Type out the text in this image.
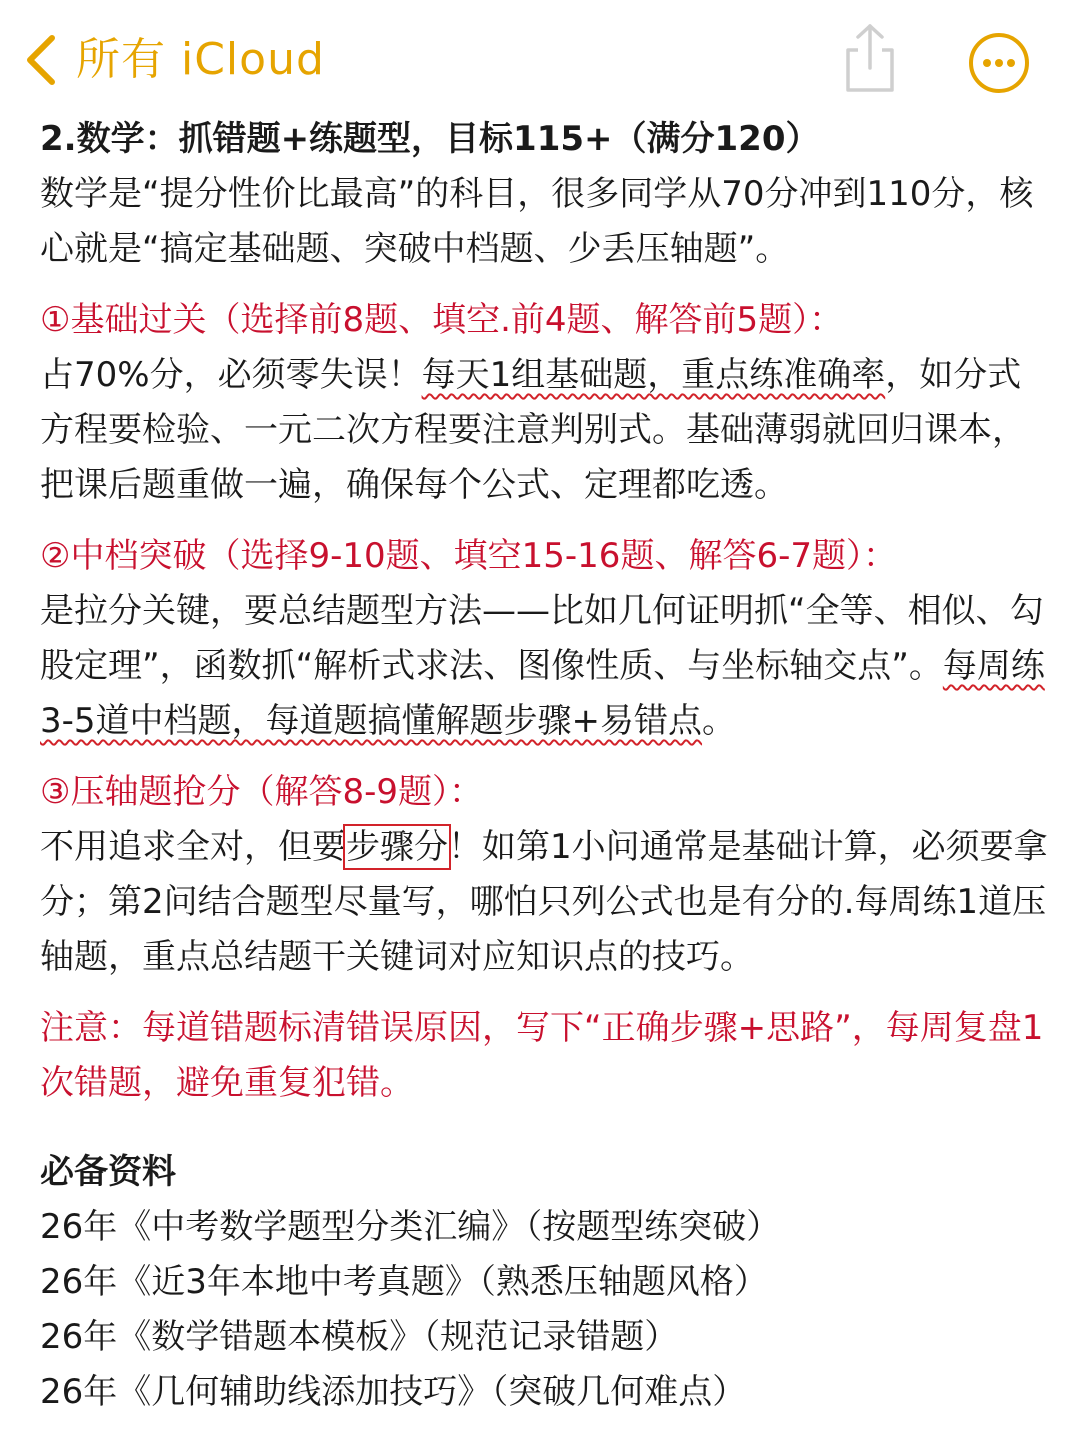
所有 iCloud

2.数学：抓错题+练题型，目标115+（满分120）

数学是“提分性价比最高”的科目，很多同学从70分冲到110分，核心就是“搞定基础题、突破中档题、少丢压轴题”。

①基础过关（选择前8题、填空.前4题、解答前5题）：

占70%分，必须零失误！每天1组基础题，重点练准确率，如分式方程要检验、一元二次方程要注意判别式。基础薄弱就回归课本，把课后题重做一遍，确保每个公式、定理都吃透。

②中档突破（选择9-10题、填空15-16题、解答6-7题）：

是拉分关键，要总结题型方法——比如几何证明抓“全等、相似、勾股定理”，函数抓“解析式求法、图像性质、与坐标轴交点”。每周练3-5道中档题，每道题搞懂解题步骤+易错点。

③压轴题抢分（解答8-9题）：

不用追求全对，但要步骤分！如第1小问通常是基础计算，必须要拿分；第2问结合题型尽量写，哪怕只列公式也是有分的.每周练1道压轴题，重点总结题干关键词对应知识点的技巧。

注意：每道错题标清错误原因，写下“正确步骤+思路”，每周复盘1次错题，避免重复犯错。

必备资料

26年《中考数学题型分类汇编》（按题型练突破）

26年《近3年本地中考真题》（熟悉压轴题风格）

26年《数学错题本模板》（规范记录错题）

26年《几何辅助线添加技巧》（突破几何难点）
